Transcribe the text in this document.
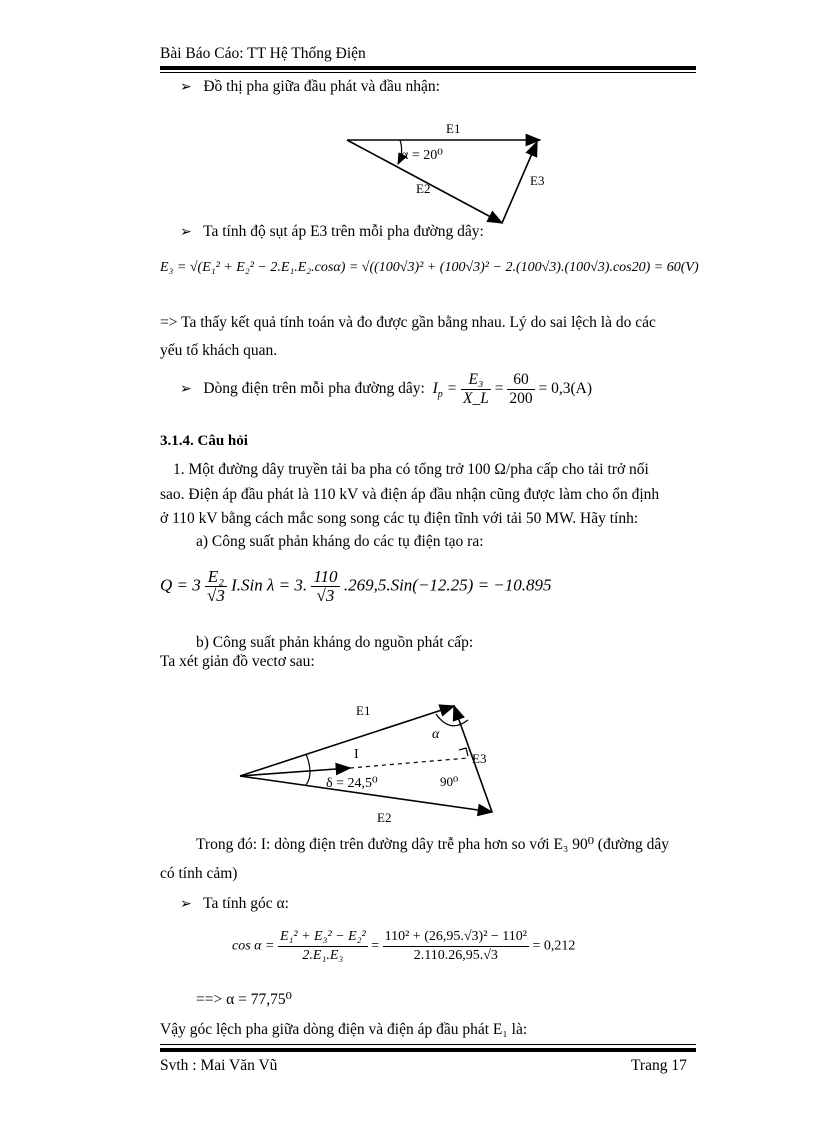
Bài Báo Cáo: TT Hệ Thống Điện
➢ Đồ thị pha giữa đầu phát và đầu nhận:
E1
α = 20⁰
E2
E3
➢ Ta tính độ sụt áp E3 trên mỗi pha đường dây:
E₃ = √(E₁² + E₂² − 2.E₁.E₂.cosα) = √((100√3)² + (100√3)² − 2.(100√3).(100√3).cos20) = 60(V)
=> Ta thấy kết quả tính toán và đo được gần bằng nhau. Lý do sai lệch là do các
yếu tố khách quan.
➢ Dòng điện trên mỗi pha đường dây: $I_p = \frac{\text{E₃}}{X\_L} = \frac{60}{200} = 0,3(A)$
3.1.4. Câu hỏi
1. Một đường dây truyền tải ba pha có tổng trở 100 Ω/pha cấp cho tải trở nối
sao. Điện áp đầu phát là 110 kV và điện áp đầu nhận cũng được làm cho ổn định
ở 110 kV bằng cách mắc song song các tụ điện tĩnh với tải 50 MW. Hãy tính:
a) Công suất phản kháng do các tụ điện tạo ra:
$Q = 3 \frac{\text{E₂}}{√3} I.Sin$ λ = 3. $\frac{110}{√3} .269,5.Sin(-12.25) = -10.895$
b) Công suất phản kháng do nguồn phát cấp:
Ta xét giản đồ vectơ sau:
E1
α
I	E3
δ = 24,5⁰	90⁰
E2
Trong đó: I: dòng điện trên đường dây trễ pha hơn so với E₃ 90⁰ (đường dây
có tính cảm)
➢ Ta tính góc α:
$\cos \alpha = \frac{\text{E₁² + E₃² − E₂²}}{\text{2.E₁.E₃}} = \frac{\text{110² + (26,95.√3)² − 110²}}{2.110.26,95.√3} = 0,212$
==> α = 77,75⁰
Vậy góc lệch pha giữa dòng điện và điện áp đầu phát E₁ là:
Svth : Mai Văn Vũ	Trang 17
